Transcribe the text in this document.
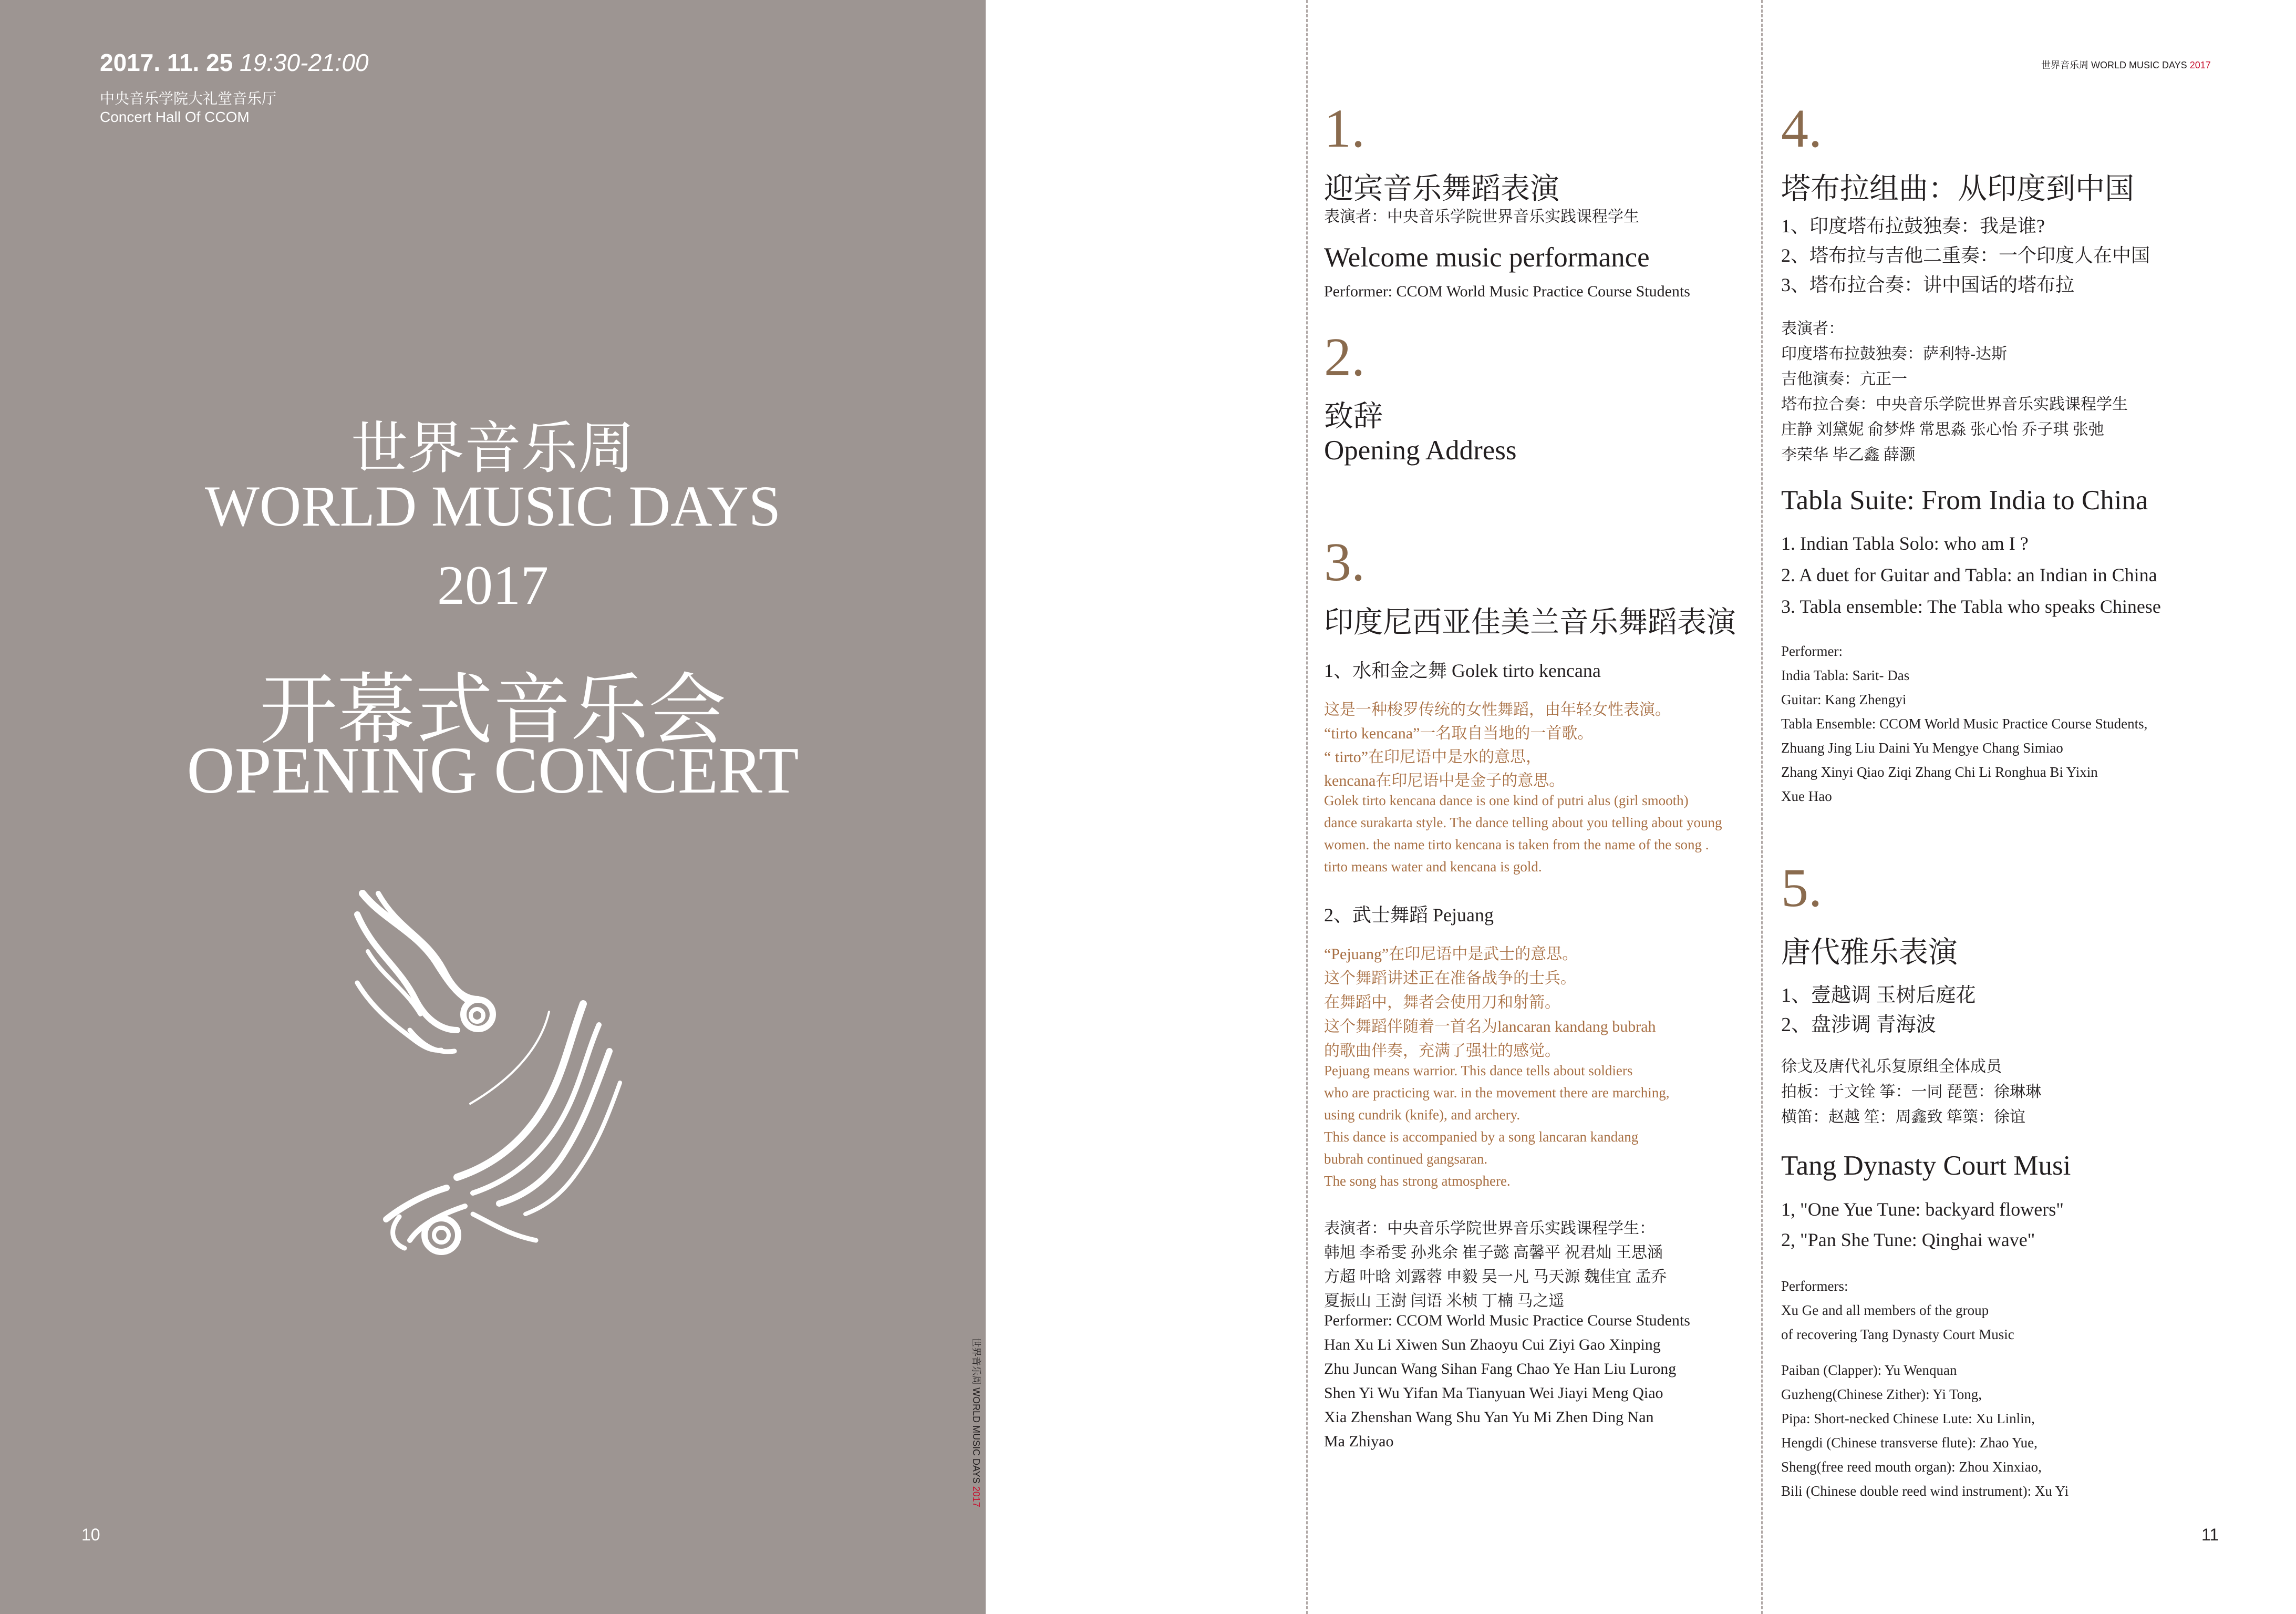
2017. 11. 25 19:30-21:00
中央音乐学院大礼堂音乐厅
Concert Hall Of CCOM
世界音乐周
WORLD MUSIC DAYS
2017
开幕式音乐会
OPENING CONCERT
10
世界音乐周 WORLD MUSIC DAYS 2017
世界音乐周 WORLD MUSIC DAYS 2017
1.
迎宾音乐舞蹈表演
表演者：中央音乐学院世界音乐实践课程学生
Welcome music performance
Performer: CCOM World Music Practice Course Students
2.
致辞
Opening Address
3.
印度尼西亚佳美兰音乐舞蹈表演
1、水和金之舞 Golek tirto kencana
这是一种梭罗传统的女性舞蹈，由年轻女性表演。
“tirto kencana”一名取自当地的一首歌。
“ tirto”在印尼语中是水的意思，
kencana在印尼语中是金子的意思。
Golek tirto kencana dance is one kind of putri alus (girl smooth)
dance surakarta style. The dance telling about you telling about young
women. the name tirto kencana is taken from the name of the song .
tirto means water and kencana is gold.
2、武士舞蹈 Pejuang
“Pejuang”在印尼语中是武士的意思。
这个舞蹈讲述正在准备战争的士兵。
在舞蹈中，舞者会使用刀和射箭。
这个舞蹈伴随着一首名为lancaran kandang bubrah
的歌曲伴奏，充满了强壮的感觉。
Pejuang means warrior. This dance tells about soldiers
who are practicing war. in the movement there are marching,
using cundrik (knife), and archery.
This dance is accompanied by a song lancaran kandang
bubrah continued gangsaran.
The song has strong atmosphere.
表演者：中央音乐学院世界音乐实践课程学生：
韩旭 李希雯 孙兆余 崔子懿 高馨平 祝君灿 王思涵
方超 叶晗 刘露蓉 申毅 吴一凡 马天源 魏佳宜 孟乔
夏振山 王澍 闫语 米桢 丁楠 马之遥
Performer: CCOM World Music Practice Course Students
Han Xu Li Xiwen Sun Zhaoyu Cui Ziyi Gao Xinping
Zhu Juncan Wang Sihan Fang Chao Ye Han Liu Lurong
Shen Yi Wu Yifan Ma Tianyuan Wei Jiayi Meng Qiao
Xia Zhenshan Wang Shu Yan Yu Mi Zhen Ding Nan
Ma Zhiyao
4.
塔布拉组曲：从印度到中国
1、印度塔布拉鼓独奏：我是谁?
2、塔布拉与吉他二重奏：一个印度人在中国
3、塔布拉合奏：讲中国话的塔布拉
表演者：
印度塔布拉鼓独奏：萨利特-达斯
吉他演奏：亢正一
塔布拉合奏：中央音乐学院世界音乐实践课程学生
庄静 刘黛妮 俞梦烨 常思淼 张心怡 乔子琪 张弛
李荣华 毕乙鑫 薛灏
Tabla Suite: From India to China
1. Indian Tabla Solo: who am I ?
2. A duet for Guitar and Tabla: an Indian in China
3. Tabla ensemble: The Tabla who speaks Chinese
Performer:
India Tabla: Sarit- Das
Guitar: Kang Zhengyi
Tabla Ensemble: CCOM World Music Practice Course Students,
Zhuang Jing Liu Daini Yu Mengye Chang Simiao
Zhang Xinyi Qiao Ziqi Zhang Chi Li Ronghua Bi Yixin
Xue Hao
5.
唐代雅乐表演
1、壹越调 玉树后庭花
2、盘涉调 青海波
徐戈及唐代礼乐复原组全体成员
拍板：于文铨 筝：一同 琵琶：徐琳琳
横笛：赵越 笙：周鑫致 筚篥：徐谊
Tang Dynasty Court Musi
1, "One Yue Tune: backyard flowers"
2, "Pan She Tune: Qinghai wave"
Performers:
Xu Ge and all members of the group
of recovering Tang Dynasty Court Music
Paiban (Clapper): Yu Wenquan
Guzheng(Chinese Zither): Yi Tong,
Pipa: Short-necked Chinese Lute: Xu Linlin,
Hengdi (Chinese transverse flute): Zhao Yue,
Sheng(free reed mouth organ): Zhou Xinxiao,
Bili (Chinese double reed wind instrument): Xu Yi
11
